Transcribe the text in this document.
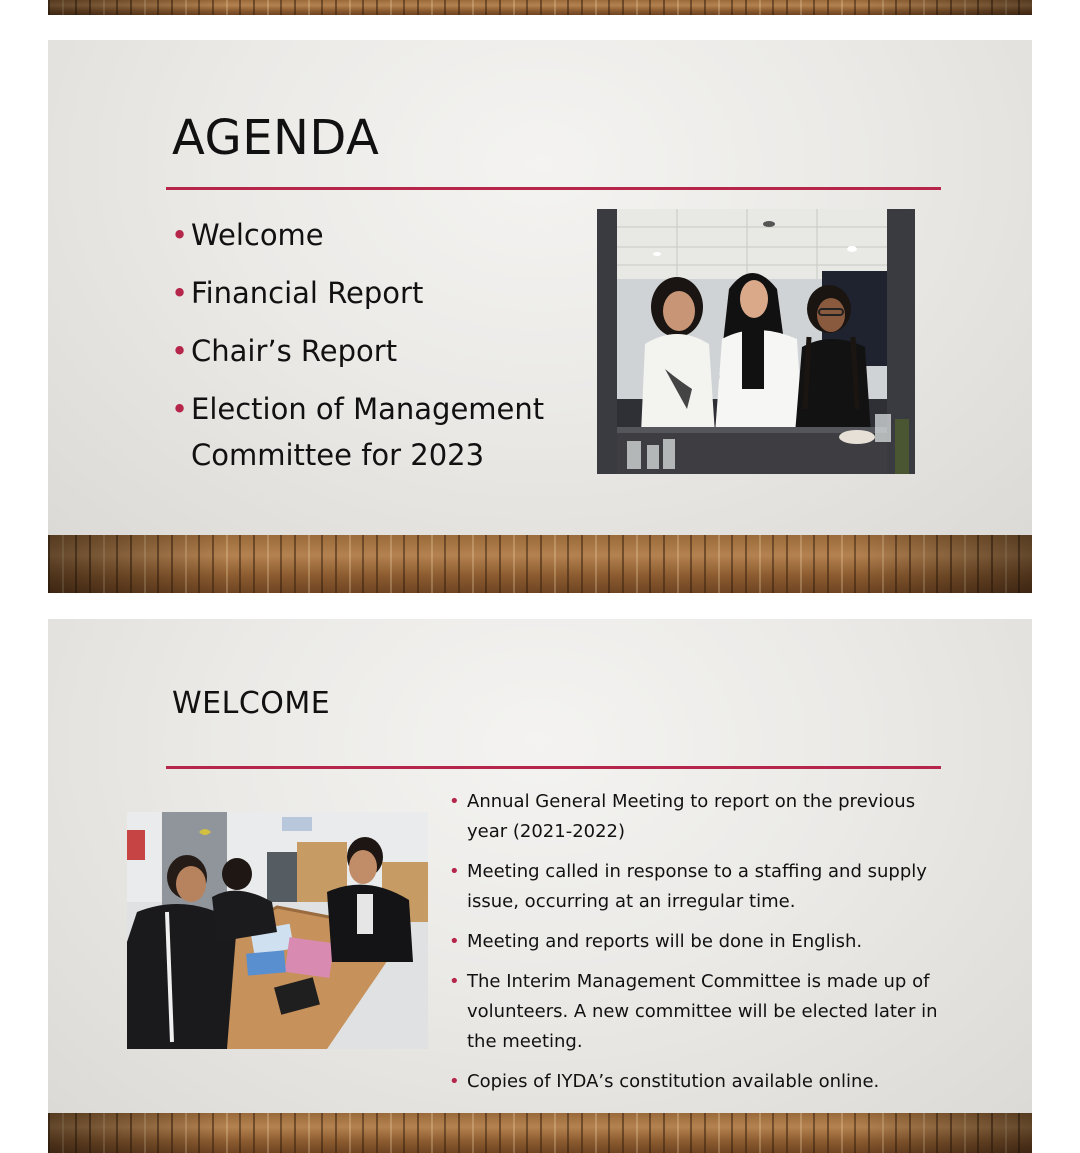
AGENDA
• Welcome
• Financial Report
• Chair’s Report
• Election of Management Committee for 2023
WELCOME
• Annual General Meeting to report on the previous year (2021-2022)
• Meeting called in response to a staffing and supply issue, occurring at an irregular time.
• Meeting and reports will be done in English.
• The Interim Management Committee is made up of volunteers. A new committee will be elected later in the meeting.
• Copies of IYDA’s constitution available online.
